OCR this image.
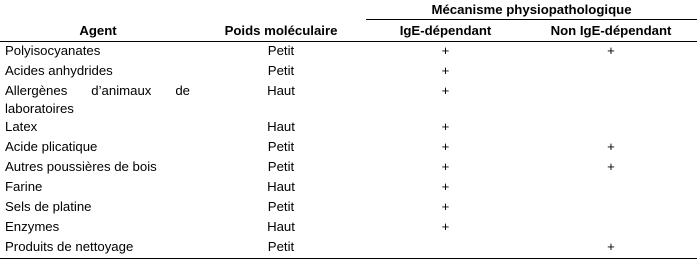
		Mécanisme physiopathologique	
Agent	Poids moléculaire	IgE-dépendant	Non IgE-dépendant
Polyisocyanates	Petit	+	+
Acides anhydrides	Petit	+	
Allergènes d’animaux de laboratoires	Haut	+	
Latex	Haut	+	
Acide plicatique	Petit	+	+
Autres poussières de bois	Petit	+	+
Farine	Haut	+	
Sels de platine	Petit	+	
Enzymes	Haut	+	
Produits de nettoyage	Petit		+
